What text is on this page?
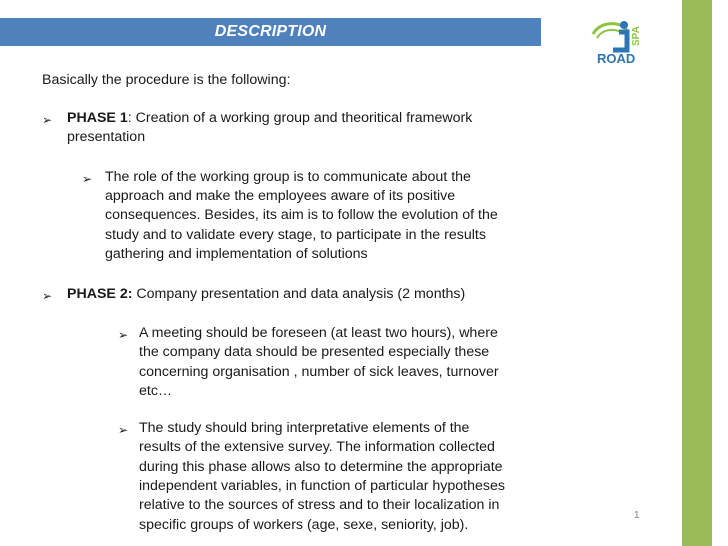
DESCRIPTION	SPA
ROAD
Basically the procedure is the following:
➢ PHASE 1: Creation of a working group and theoritical framework
presentation
➢ The role of the working group is to communicate about the
approach and make the employees aware of its positive
consequences. Besides, its aim is to follow the evolution of the
study and to validate every stage, to participate in the results
gathering and implementation of solutions
➢ PHASE 2: Company presentation and data analysis (2 months)
➢ A meeting should be foreseen (at least two hours), where
the company data should be presented especially these
concerning organisation , number of sick leaves, turnover
etc…
➢ The study should bring interpretative elements of the
results of the extensive survey. The information collected
during this phase allows also to determine the appropriate
independent variables, in function of particular hypotheses
relative to the sources of stress and to their localization in
specific groups of workers (age, sexe, seniority, job).
1
